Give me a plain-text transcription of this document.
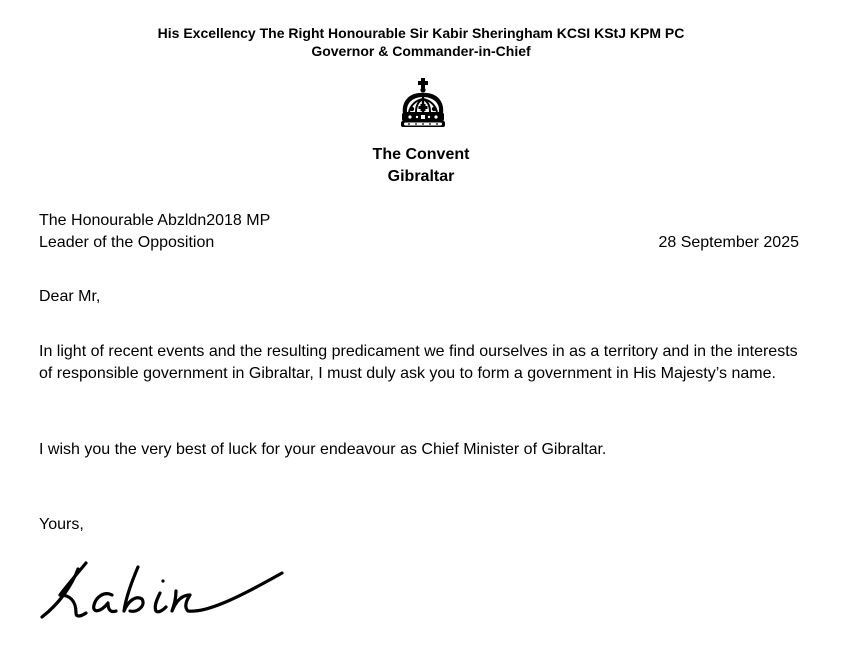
His Excellency The Right Honourable Sir Kabir Sheringham KCSI KStJ KPM PC
Governor & Commander-in-Chief
The Convent
Gibraltar
The Honourable Abzldn2018 MP
Leader of the Opposition	28 September 2025
Dear Mr,
In light of recent events and the resulting predicament we find ourselves in as a territory and in the interests of responsible government in Gibraltar, I must duly ask you to form a government in His Majesty’s name.
I wish you the very best of luck for your endeavour as Chief Minister of Gibraltar.
Yours,
